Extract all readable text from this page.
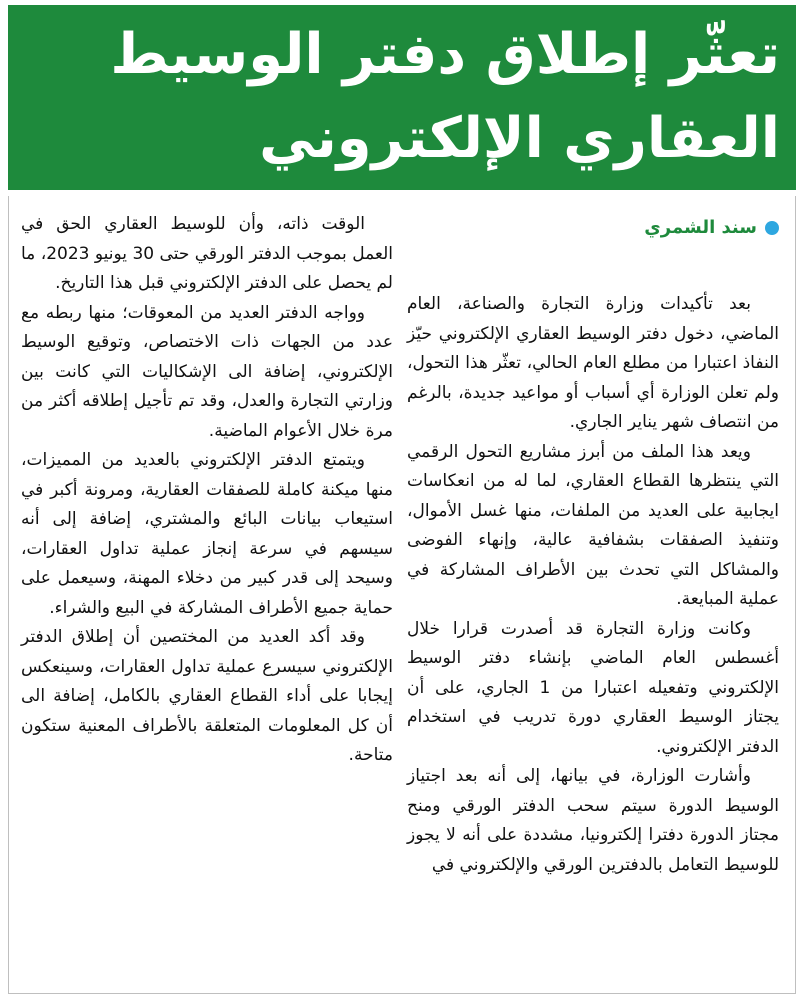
تعثّر إطلاق دفتر الوسيط
العقاري الإلكتروني
سند الشمري

بعد تأكيدات وزارة التجارة والصناعة، العام الماضي، دخول دفتر الوسيط العقاري الإلكتروني حيّز النفاذ اعتبارا من مطلع العام الحالي، تعثّر هذا التحول، ولم تعلن الوزارة أي أسباب أو مواعيد جديدة، بالرغم من انتصاف شهر يناير الجاري.

ويعد هذا الملف من أبرز مشاريع التحول الرقمي التي ينتظرها القطاع العقاري، لما له من انعكاسات ايجابية على العديد من الملفات، منها غسل الأموال، وتنفيذ الصفقات بشفافية عالية، وإنهاء الفوضى والمشاكل التي تحدث بين الأطراف المشاركة في عملية المبايعة.

وكانت وزارة التجارة قد أصدرت قرارا خلال أغسطس العام الماضي بإنشاء دفتر الوسيط الإلكتروني وتفعيله اعتبارا من 1 الجاري، على أن يجتاز الوسيط العقاري دورة تدريب في استخدام الدفتر الإلكتروني.

وأشارت الوزارة، في بيانها، إلى أنه بعد اجتياز الوسيط الدورة سيتم سحب الدفتر الورقي ومنح مجتاز الدورة دفترا إلكترونيا، مشددة على أنه لا يجوز للوسيط التعامل بالدفترين الورقي والإلكتروني في

الوقت ذاته، وأن للوسيط العقاري الحق في العمل بموجب الدفتر الورقي حتى 30 يونيو 2023، ما لم يحصل على الدفتر الإلكتروني قبل هذا التاريخ.

وواجه الدفتر العديد من المعوقات؛ منها ربطه مع عدد من الجهات ذات الاختصاص، وتوقيع الوسيط الإلكتروني، إضافة الى الإشكاليات التي كانت بين وزارتي التجارة والعدل، وقد تم تأجيل إطلاقه أكثر من مرة خلال الأعوام الماضية.

ويتمتع الدفتر الإلكتروني بالعديد من المميزات، منها ميكنة كاملة للصفقات العقارية، ومرونة أكبر في استيعاب بيانات البائع والمشتري، إضافة إلى أنه سيسهم في سرعة إنجاز عملية تداول العقارات، وسيحد إلى قدر كبير من دخلاء المهنة، وسيعمل على حماية جميع الأطراف المشاركة في البيع والشراء.

وقد أكد العديد من المختصين أن إطلاق الدفتر الإلكتروني سيسرع عملية تداول العقارات، وسينعكس إيجابا على أداء القطاع العقاري بالكامل، إضافة الى أن كل المعلومات المتعلقة بالأطراف المعنية ستكون متاحة.
